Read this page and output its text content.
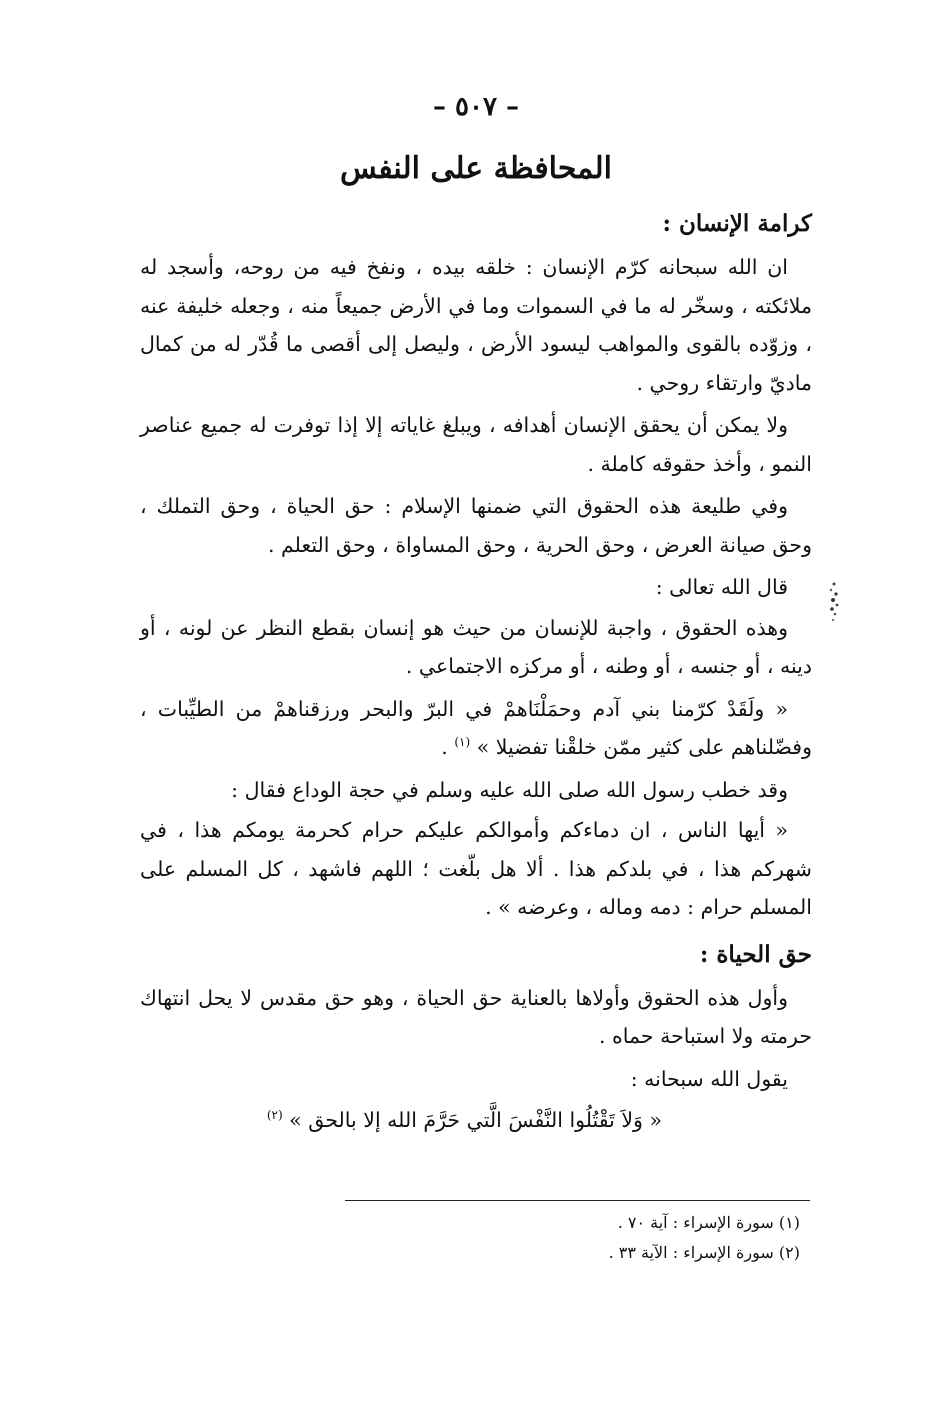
– ٥٠٧ –
المحافظة على النفس
كرامة الإنسان :

ان الله سبحانه كرّم الإنسان : خلقه بيده ، ونفخ فيه من روحه، وأسجد له ملائكته ، وسخّر له ما في السموات وما في الأرض جميعاً منه ، وجعله خليفة عنه ، وزوّده بالقوى والمواهب ليسود الأرض ، وليصل إلى أقصى ما قُدّر له من كمال ماديّ وارتقاء روحي .

ولا يمكن أن يحقق الإنسان أهدافه ، ويبلغ غاياته إلا إذا توفرت له جميع عناصر النمو ، وأخذ حقوقه كاملة .

وفي طليعة هذه الحقوق التي ضمنها الإسلام : حق الحياة ، وحق التملك ، وحق صيانة العرض ، وحق الحرية ، وحق المساواة ، وحق التعلم .

قال الله تعالى :

وهذه الحقوق ، واجبة للإنسان من حيث هو إنسان بقطع النظر عن لونه ، أو دينه ، أو جنسه ، أو وطنه ، أو مركزه الاجتماعي .

« ولَقَدْ كرّمنا بني آدم وحمَلْنَاهمْ في البرّ والبحر ورزقناهمْ من الطيِّبات ، وفضّلناهم على كثير ممّن خلقْنا تفضيلا » $^{(١)}$ .

وقد خطب رسول الله صلى الله عليه وسلم في حجة الوداع فقال :

« أيها الناس ، ان دماءكم وأموالكم عليكم حرام كحرمة يومكم هذا ، في شهركم هذا ، في بلدكم هذا . ألا هل بلّغت ؛ اللهم فاشهد ، كل المسلم على المسلم حرام : دمه وماله ، وعرضه » .

حق الحياة :

وأول هذه الحقوق وأولاها بالعناية حق الحياة ، وهو حق مقدس لا يحل انتهاك حرمته ولا استباحة حماه .

يقول الله سبحانه :

« وَلاَ تَقْتُلُوا النَّفْسَ الَّتي حَرَّمَ الله إلا بالحق » $^{(٢)}$

(١) سورة الإسراء : آية ٧٠ .

(٢) سورة الإسراء : الآية ٣٣ .
